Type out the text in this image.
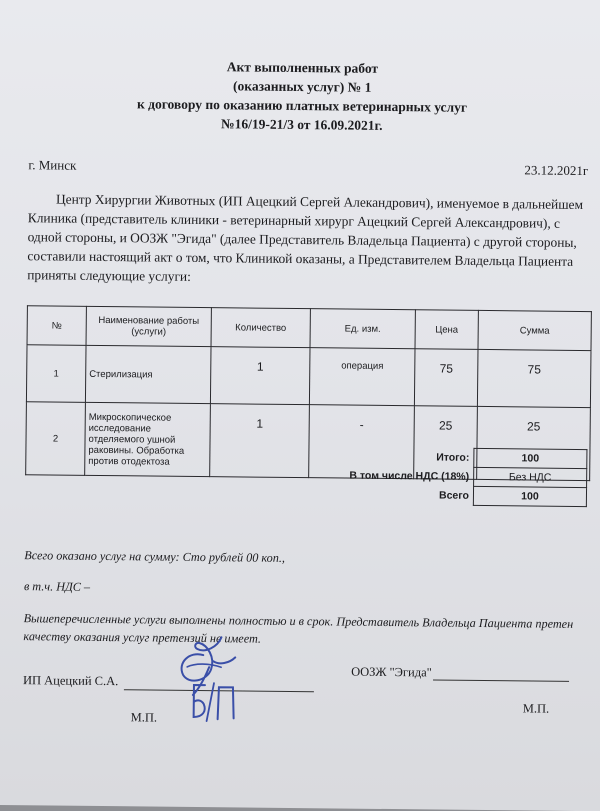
Акт выполненных работ
(оказанных услуг) № 1
к договору по оказанию платных ветеринарных услуг
№16/19-21/3 от 16.09.2021г.
г. Минск	23.12.2021г
Центр Хирургии Животных (ИП Ацецкий Сергей Алекандрович), именуемое в дальнейшем Клиника (представитель клиники - ветеринарный хирург Ацецкий Сергей Александрович), с одной стороны, и ООЗЖ "Эгида" (далее Представитель Владельца Пациента) с другой стороны, составили настоящий акт о том, что Клиникой оказаны, а Представителем Владельца Пациента приняты следующие услуги:
№	Наименование работы (услуги)	Количество	Ед. изм.	Цена	Сумма
1	Стерилизация	1	операция	75	75
2	Микроскопическое исследование отделяемого ушной раковины. Обработка против отодектоза	1	-	25	25
Итого:	100
В том числе НДС (18%)	Без НДС
Всего	100
Всего оказано услуг на сумму: Сто рублей 00 коп.,
в т.ч. НДС –
Вышеперечисленные услуги выполнены полностью и в срок. Представитель Владельца Пациента претен
качеству оказания услуг претензий не имеет.
ИП Ацецкий С.А.
ООЗЖ "Эгида"
М.П.
М.П.
